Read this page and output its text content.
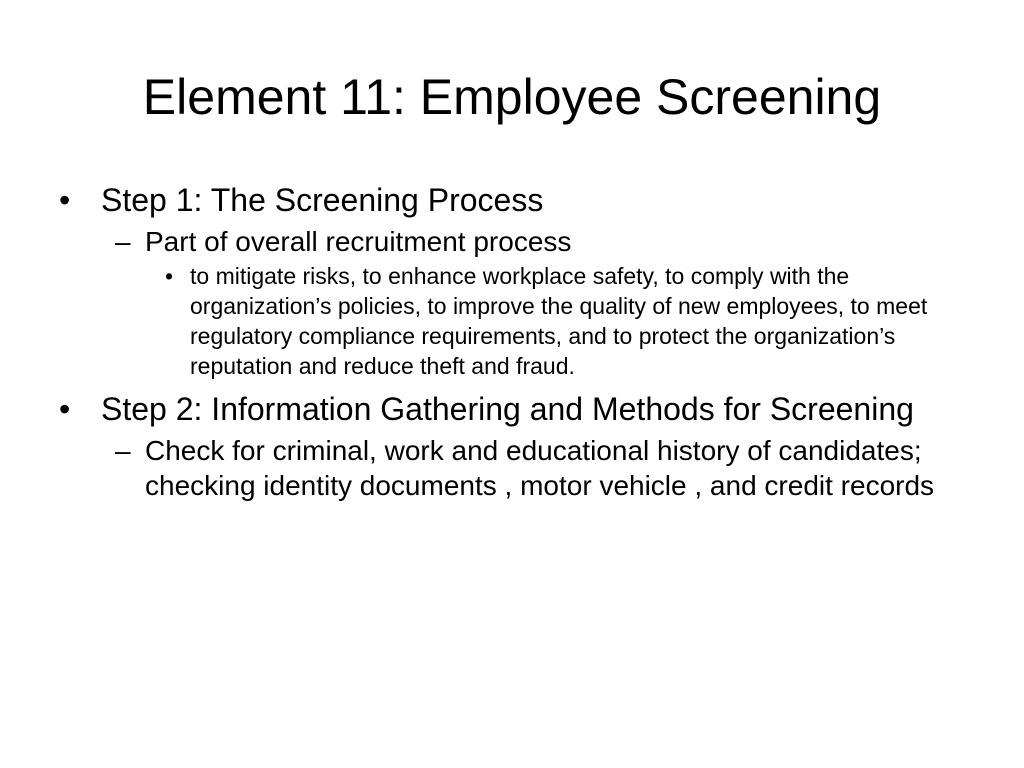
Element 11: Employee Screening
• Step 1: The Screening Process
– Part of overall recruitment process
• to mitigate risks, to enhance workplace safety, to comply with the organization’s policies, to improve the quality of new employees, to meet regulatory compliance requirements, and to protect the organization’s reputation and reduce theft and fraud.
• Step 2: Information Gathering and Methods for Screening
– Check for criminal, work and educational history of candidates; checking identity documents , motor vehicle , and credit records
